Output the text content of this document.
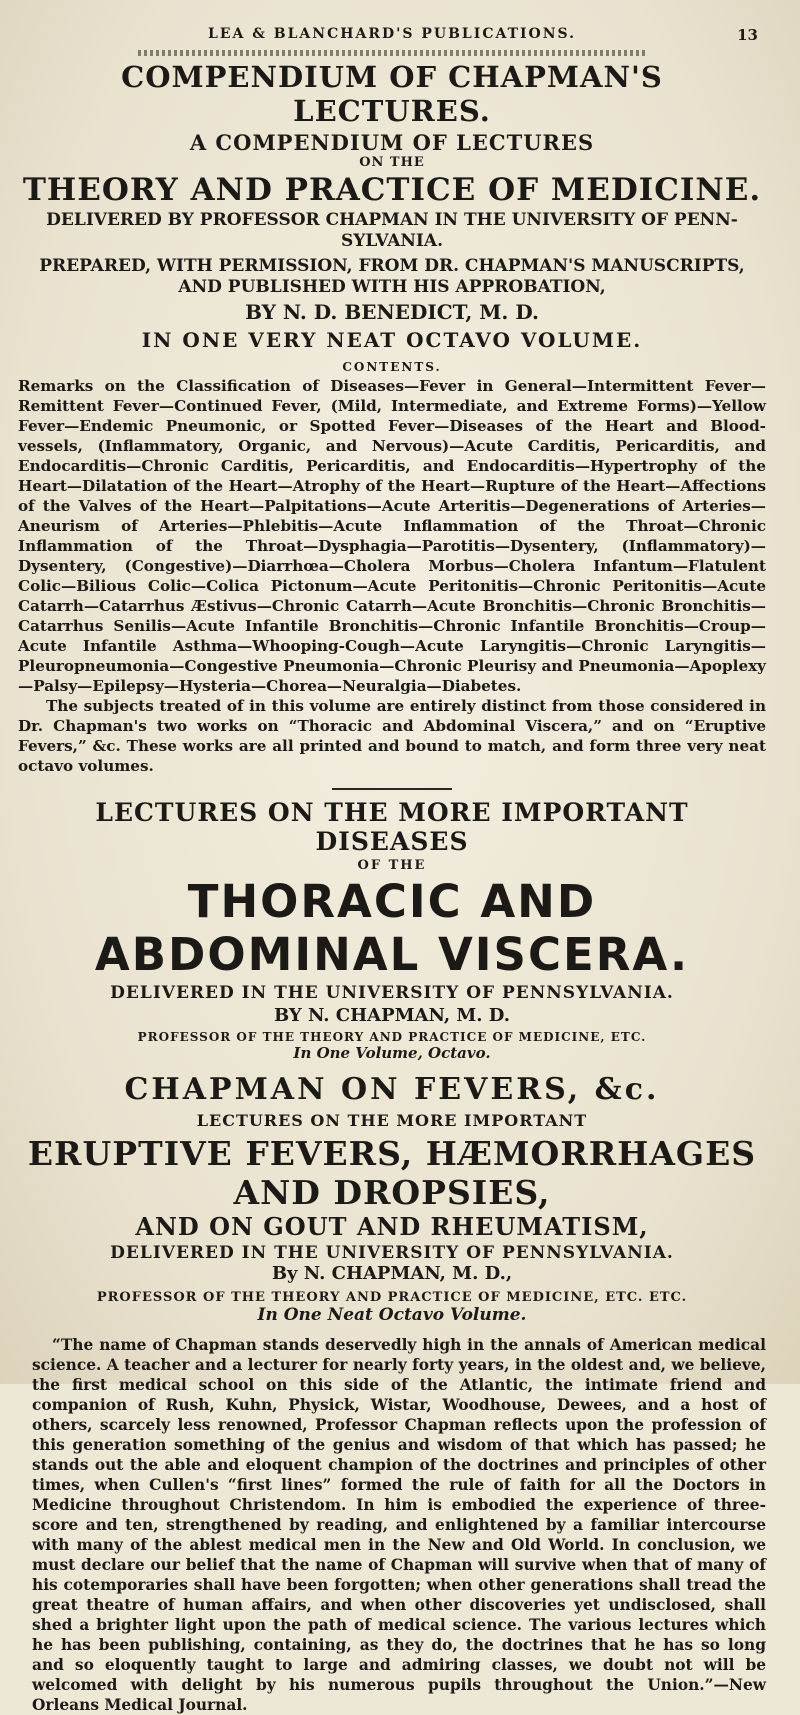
LEA & BLANCHARD'S PUBLICATIONS.	13
COMPENDIUM OF CHAPMAN'S LECTURES.
A COMPENDIUM OF LECTURES
ON THE
THEORY AND PRACTICE OF MEDICINE.
DELIVERED BY PROFESSOR CHAPMAN IN THE UNIVERSITY OF PENN-SYLVANIA.
PREPARED, WITH PERMISSION, FROM DR. CHAPMAN'S MANUSCRIPTS, AND PUBLISHED WITH HIS APPROBATION,
BY N. D. BENEDICT, M. D.
IN ONE VERY NEAT OCTAVO VOLUME.
CONTENTS.

Remarks on the Classification of Diseases—Fever in General—Intermittent Fever—Remittent Fever—Continued Fever, (Mild, Intermediate, and Extreme Forms)—Yellow Fever—Endemic Pneumonic, or Spotted Fever—Diseases of the Heart and Blood-vessels, (Inflammatory, Organic, and Nervous)—Acute Carditis, Pericarditis, and Endocarditis—Chronic Carditis, Pericarditis, and Endocarditis—Hypertrophy of the Heart—Dilatation of the Heart—Atrophy of the Heart—Rupture of the Heart—Affections of the Valves of the Heart—Palpitations—Acute Arteritis—Degenerations of Arteries—Aneurism of Arteries—Phlebitis—Acute Inflammation of the Throat—Chronic Inflammation of the Throat—Dysphagia—Parotitis—Dysentery, (Inflammatory)—Dysentery, (Congestive)—Diarrhœa—Cholera Morbus—Cholera Infantum—Flatulent Colic—Bilious Colic—Colica Pictonum—Acute Peritonitis—Chronic Peritonitis—Acute Catarrh—Catarrhus Æstivus—Chronic Catarrh—Acute Bronchitis—Chronic Bronchitis—Catarrhus Senilis—Acute Infantile Bronchitis—Chronic Infantile Bronchitis—Croup—Acute Infantile Asthma—Whooping-Cough—Acute Laryngitis—Chronic Laryngitis—Pleuropneumonia—Congestive Pneumonia—Chronic Pleurisy and Pneumonia—Apoplexy—Palsy—Epilepsy—Hysteria—Chorea—Neuralgia—Diabetes.

The subjects treated of in this volume are entirely distinct from those considered in Dr. Chapman's two works on “Thoracic and Abdominal Viscera,” and on “Eruptive Fevers,” &c. These works are all printed and bound to match, and form three very neat octavo volumes.

LECTURES ON THE MORE IMPORTANT DISEASES
OF THE
THORACIC AND ABDOMINAL VISCERA.
DELIVERED IN THE UNIVERSITY OF PENNSYLVANIA.
BY N. CHAPMAN, M. D.
PROFESSOR OF THE THEORY AND PRACTICE OF MEDICINE, ETC.
In One Volume, Octavo.
CHAPMAN ON FEVERS, &c.
LECTURES ON THE MORE IMPORTANT
ERUPTIVE FEVERS, HÆMORRHAGES AND DROPSIES,
AND ON GOUT AND RHEUMATISM,
DELIVERED IN THE UNIVERSITY OF PENNSYLVANIA.
By N. CHAPMAN, M. D.,
PROFESSOR OF THE THEORY AND PRACTICE OF MEDICINE, ETC. ETC.
In One Neat Octavo Volume.

“The name of Chapman stands deservedly high in the annals of American medical science. A teacher and a lecturer for nearly forty years, in the oldest and, we believe, the first medical school on this side of the Atlantic, the intimate friend and companion of Rush, Kuhn, Physick, Wistar, Woodhouse, Dewees, and a host of others, scarcely less renowned, Professor Chapman reflects upon the profession of this generation something of the genius and wisdom of that which has passed; he stands out the able and eloquent champion of the doctrines and principles of other times, when Cullen's “first lines” formed the rule of faith for all the Doctors in Medicine throughout Christendom. In him is embodied the experience of three-score and ten, strengthened by reading, and enlightened by a familiar intercourse with many of the ablest medical men in the New and Old World. In conclusion, we must declare our belief that the name of Chapman will survive when that of many of his cotemporaries shall have been forgotten; when other generations shall tread the great theatre of human affairs, and when other discoveries yet undisclosed, shall shed a brighter light upon the path of medical science. The various lectures which he has been publishing, containing, as they do, the doctrines that he has so long and so eloquently taught to large and admiring classes, we doubt not will be welcomed with delight by his numerous pupils throughout the Union.”—New Orleans Medical Journal.
